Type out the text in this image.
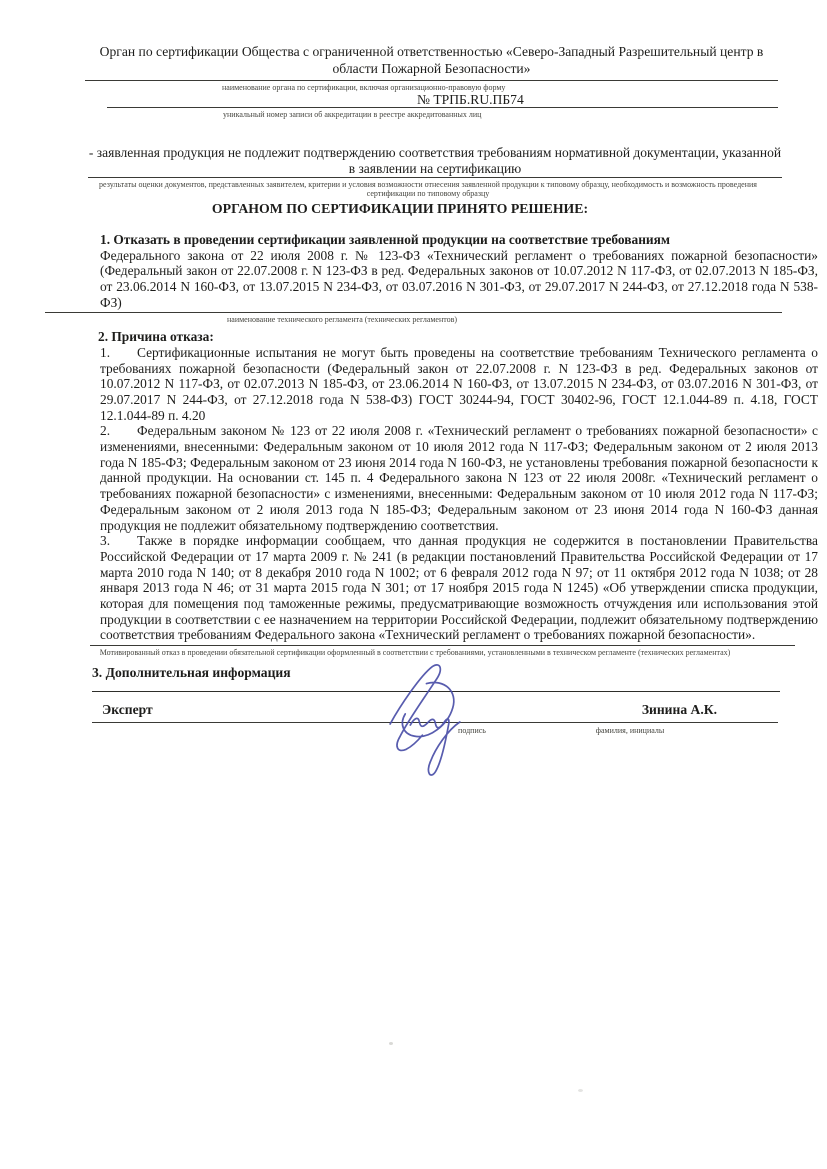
Орган по сертификации Общества с ограниченной ответственностью «Северо-Западный Разрешительный центр в области Пожарной Безопасности»
наименование органа по сертификации, включая организационно-правовую форму
№ ТРПБ.RU.ПБ74
уникальный номер записи об аккредитации в реестре аккредитованных лиц
- заявленная продукция не подлежит подтверждению соответствия требованиям нормативной документации, указанной в заявлении на сертификацию
результаты оценки документов, представленных заявителем, критерии и условия возможности отнесения заявленной продукции к типовому образцу, необходимость и возможность проведения сертификации по типовому образцу
ОРГАНОМ ПО СЕРТИФИКАЦИИ ПРИНЯТО РЕШЕНИЕ:

1. Отказать в проведении сертификации заявленной продукции на соответствие требованиям

Федерального закона от 22 июля 2008 г. № 123-ФЗ «Технический регламент о требованиях пожарной безопасности» (Федеральный закон от 22.07.2008 г. N 123-ФЗ в ред. Федеральных законов от 10.07.2012 N 117-ФЗ, от 02.07.2013 N 185-ФЗ, от 23.06.2014 N 160-ФЗ, от 13.07.2015 N 234-ФЗ, от 03.07.2016 N 301-ФЗ, от 29.07.2017 N 244-ФЗ, от 27.12.2018 года N 538-ФЗ)

наименование технического регламента (технических регламентов)

2. Причина отказа:

1. Сертификационные испытания не могут быть проведены на соответствие требованиям Технического регламента о требованиях пожарной безопасности (Федеральный закон от 22.07.2008 г. N 123-ФЗ в ред. Федеральных законов от 10.07.2012 N 117-ФЗ, от 02.07.2013 N 185-ФЗ, от 23.06.2014 N 160-ФЗ, от 13.07.2015 N 234-ФЗ, от 03.07.2016 N 301-ФЗ, от 29.07.2017 N 244-ФЗ, от 27.12.2018 года N 538-ФЗ) ГОСТ 30244-94, ГОСТ 30402-96, ГОСТ 12.1.044-89 п. 4.18, ГОСТ 12.1.044-89 п. 4.20

2. Федеральным законом № 123 от 22 июля 2008 г. «Технический регламент о требованиях пожарной безопасности» с изменениями, внесенными: Федеральным законом от 10 июля 2012 года N 117-ФЗ; Федеральным законом от 2 июля 2013 года N 185-ФЗ; Федеральным законом от 23 июня 2014 года N 160-ФЗ, не установлены требования пожарной безопасности к данной продукции. На основании ст. 145 п. 4 Федерального закона N 123 от 22 июля 2008г. «Технический регламент о требованиях пожарной безопасности» с изменениями, внесенными: Федеральным законом от 10 июля 2012 года N 117-ФЗ; Федеральным законом от 2 июля 2013 года N 185-ФЗ; Федеральным законом от 23 июня 2014 года N 160-ФЗ данная продукция не подлежит обязательному подтверждению соответствия.

3. Также в порядке информации сообщаем, что данная продукция не содержится в постановлении Правительства Российской Федерации от 17 марта 2009 г. № 241 (в редакции постановлений Правительства Российской Федерации от 17 марта 2010 года N 140; от 8 декабря 2010 года N 1002; от 6 февраля 2012 года N 97; от 11 октября 2012 года N 1038; от 28 января 2013 года N 46; от 31 марта 2015 года N 301; от 17 ноября 2015 года N 1245) «Об утверждении списка продукции, которая для помещения под таможенные режимы, предусматривающие возможность отчуждения или использования этой продукции в соответствии с ее назначением на территории Российской Федерации, подлежит обязательному подтверждению соответствия требованиям Федерального закона «Технический регламент о требованиях пожарной безопасности».

Мотивированный отказ в проведении обязательной сертификации оформленный в соответствии с требованиями, установленными в техническом регламенте (технических регламентах)

3. Дополнительная информация

Эксперт	Зинина А.К.
подпись	фамилия, инициалы
